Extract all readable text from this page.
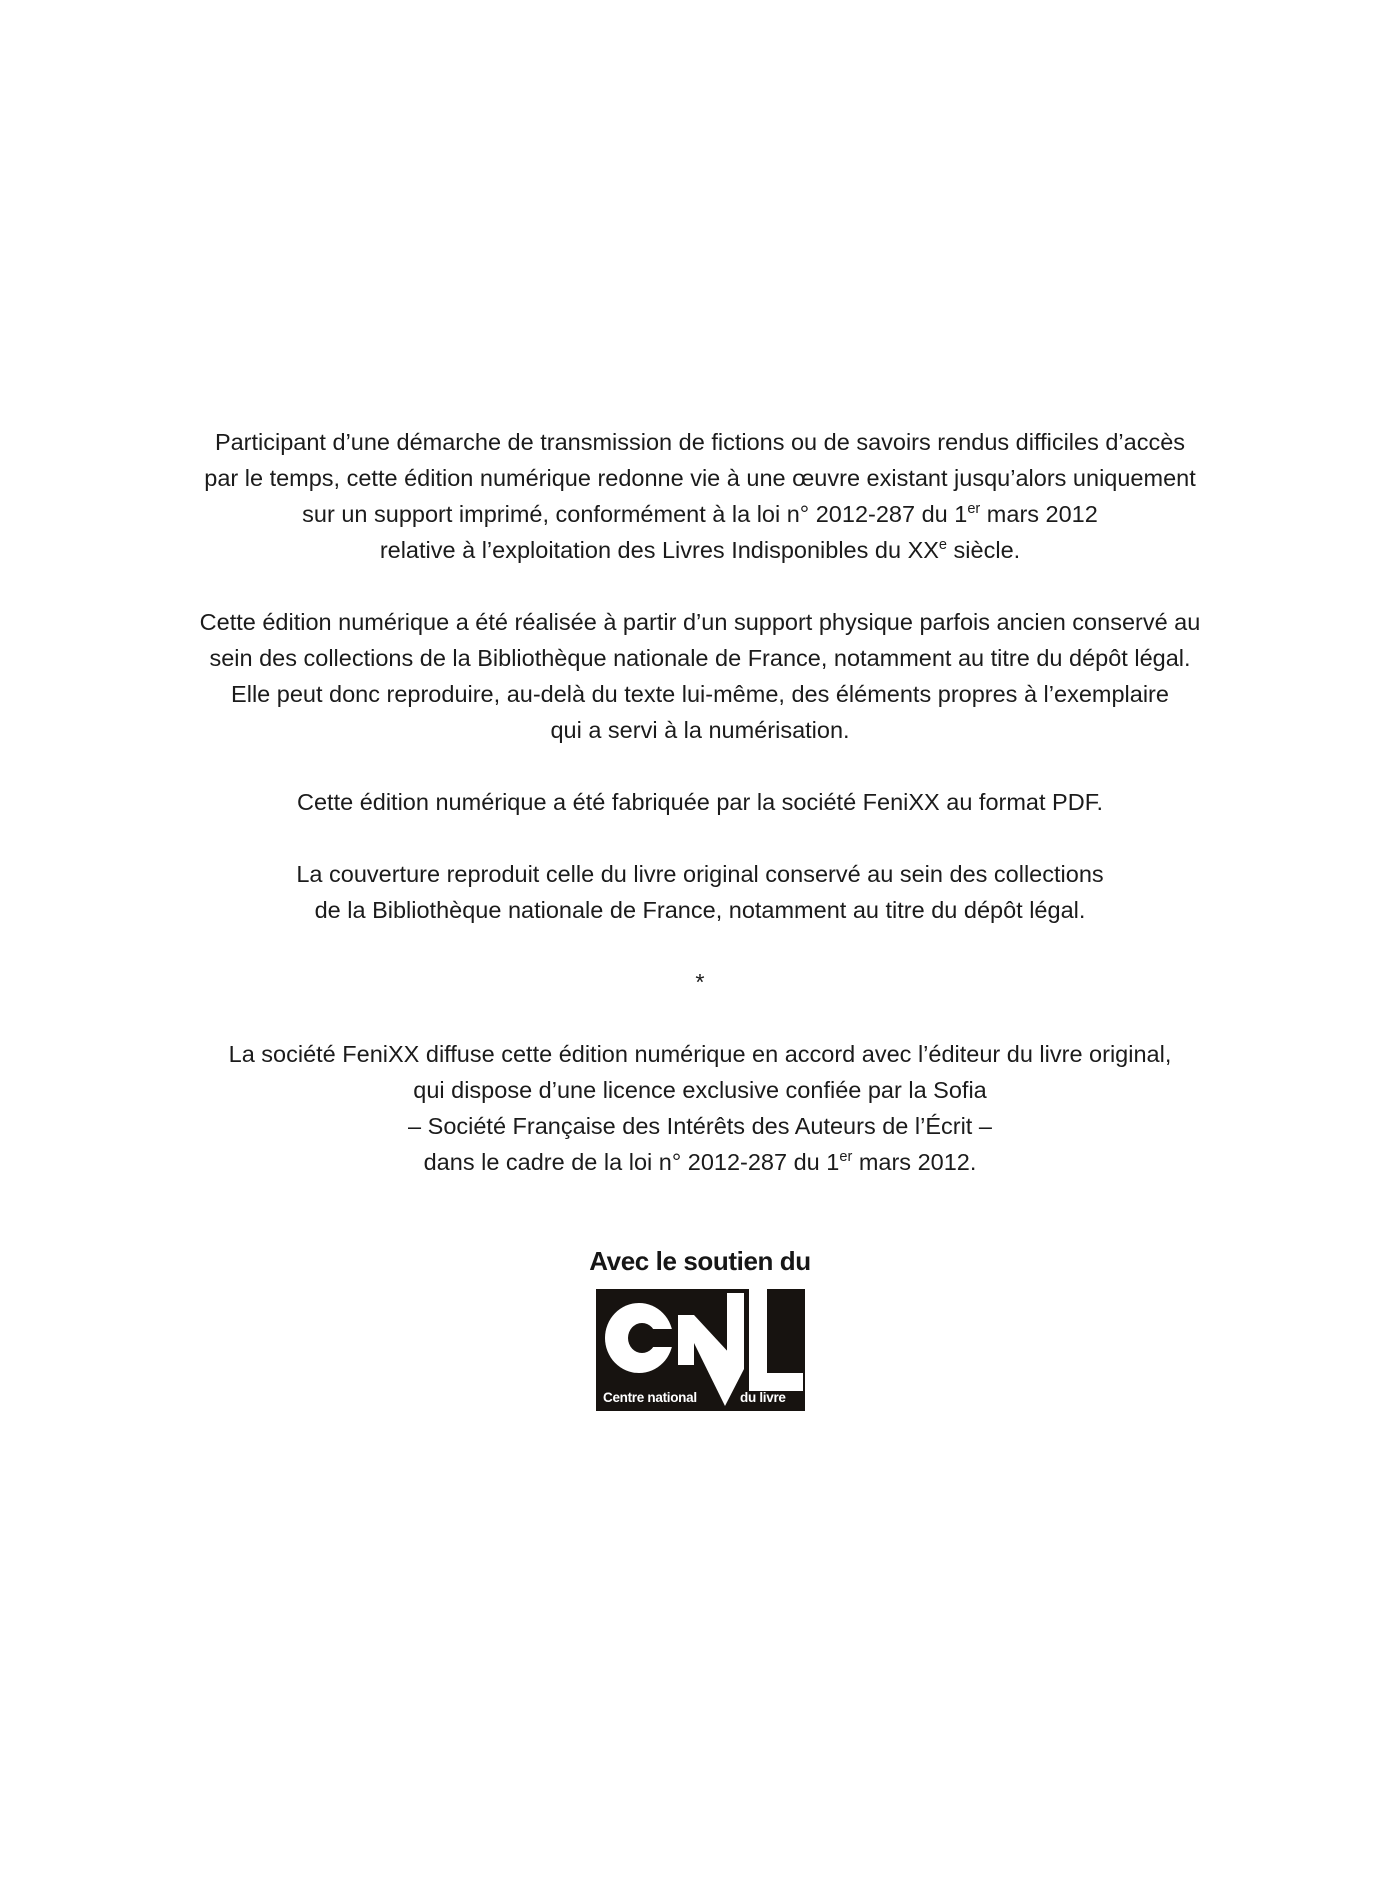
Participant d’une démarche de transmission de fictions ou de savoirs rendus difficiles d’accès
par le temps, cette édition numérique redonne vie à une œuvre existant jusqu’alors uniquement
sur un support imprimé, conformément à la loi n° 2012-287 du 1er mars 2012
relative à l’exploitation des Livres Indisponibles du XXe siècle.
Cette édition numérique a été réalisée à partir d’un support physique parfois ancien conservé au
sein des collections de la Bibliothèque nationale de France, notamment au titre du dépôt légal.
Elle peut donc reproduire, au-delà du texte lui-même, des éléments propres à l’exemplaire
qui a servi à la numérisation.
Cette édition numérique a été fabriquée par la société FeniXX au format PDF.
La couverture reproduit celle du livre original conservé au sein des collections
de la Bibliothèque nationale de France, notamment au titre du dépôt légal.
*
La société FeniXX diffuse cette édition numérique en accord avec l’éditeur du livre original,
qui dispose d’une licence exclusive confiée par la Sofia
– Société Française des Intérêts des Auteurs de l’Écrit –
dans le cadre de la loi n° 2012-287 du 1er mars 2012.
Avec le soutien du
Centre national	du livre
